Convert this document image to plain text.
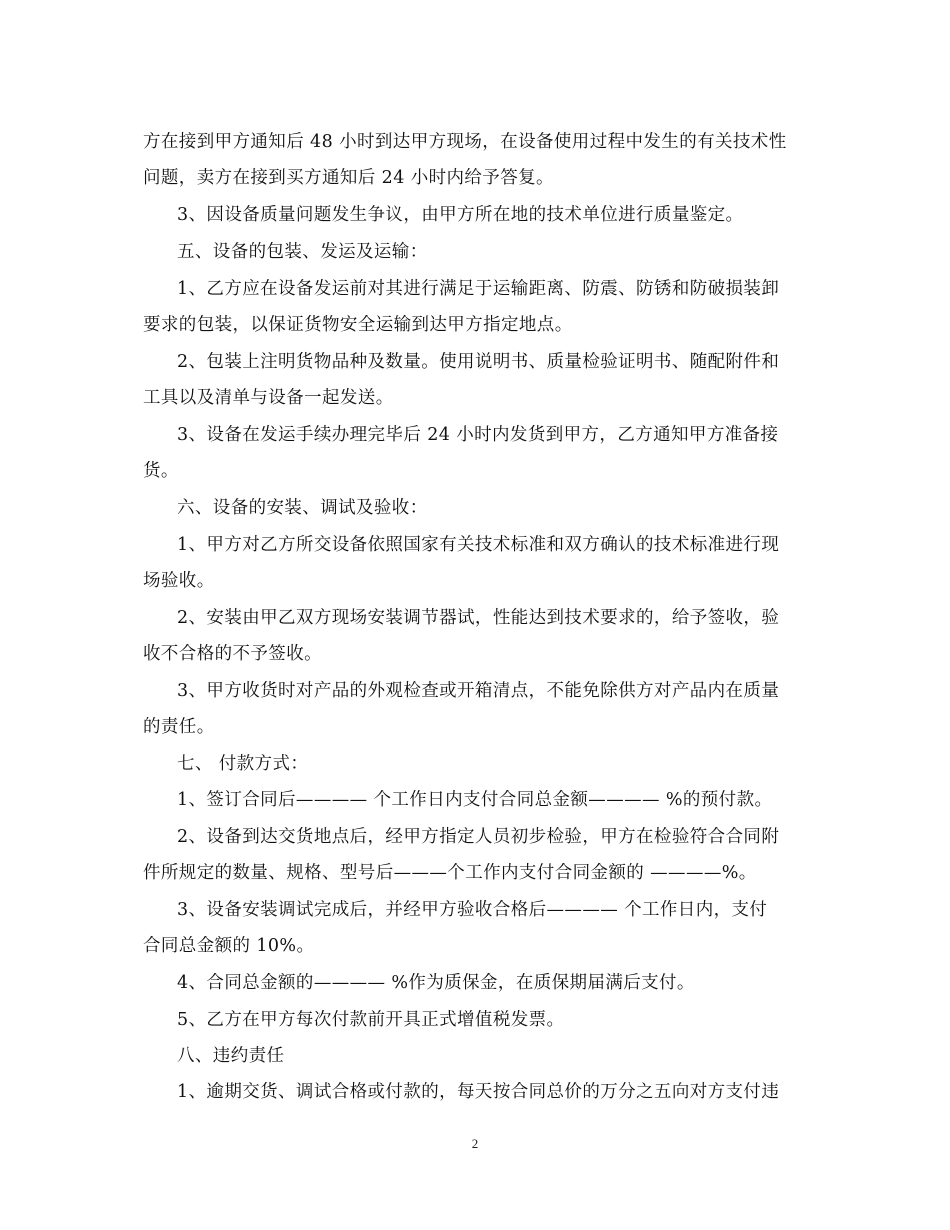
方在接到甲方通知后 48 小时到达甲方现场，在设备使用过程中发生的有关技术性
问题，卖方在接到买方通知后 24 小时内给予答复。
3、因设备质量问题发生争议，由甲方所在地的技术单位进行质量鉴定。
五、设备的包装、发运及运输：
1、乙方应在设备发运前对其进行满足于运输距离、防震、防锈和防破损装卸
要求的包装，以保证货物安全运输到达甲方指定地点。
2、包装上注明货物品种及数量。使用说明书、质量检验证明书、随配附件和
工具以及清单与设备一起发送。
3、设备在发运手续办理完毕后 24 小时内发货到甲方，乙方通知甲方准备接
货。
六、设备的安装、调试及验收：
1、甲方对乙方所交设备依照国家有关技术标准和双方确认的技术标准进行现
场验收。
2、安装由甲乙双方现场安装调节器试，性能达到技术要求的，给予签收，验
收不合格的不予签收。
3、甲方收货时对产品的外观检查或开箱清点，不能免除供方对产品内在质量
的责任。
七、 付款方式：
1、签订合同后———— 个工作日内支付合同总金额———— %的预付款。
2、设备到达交货地点后，经甲方指定人员初步检验，甲方在检验符合合同附
件所规定的数量、规格、型号后———个工作内支付合同金额的 ————%。
3、设备安装调试完成后，并经甲方验收合格后———— 个工作日内，支付
合同总金额的 10%。
4、合同总金额的———— %作为质保金，在质保期届满后支付。
5、乙方在甲方每次付款前开具正式增值税发票。
八、违约责任
1、逾期交货、调试合格或付款的，每天按合同总价的万分之五向对方支付违
2
